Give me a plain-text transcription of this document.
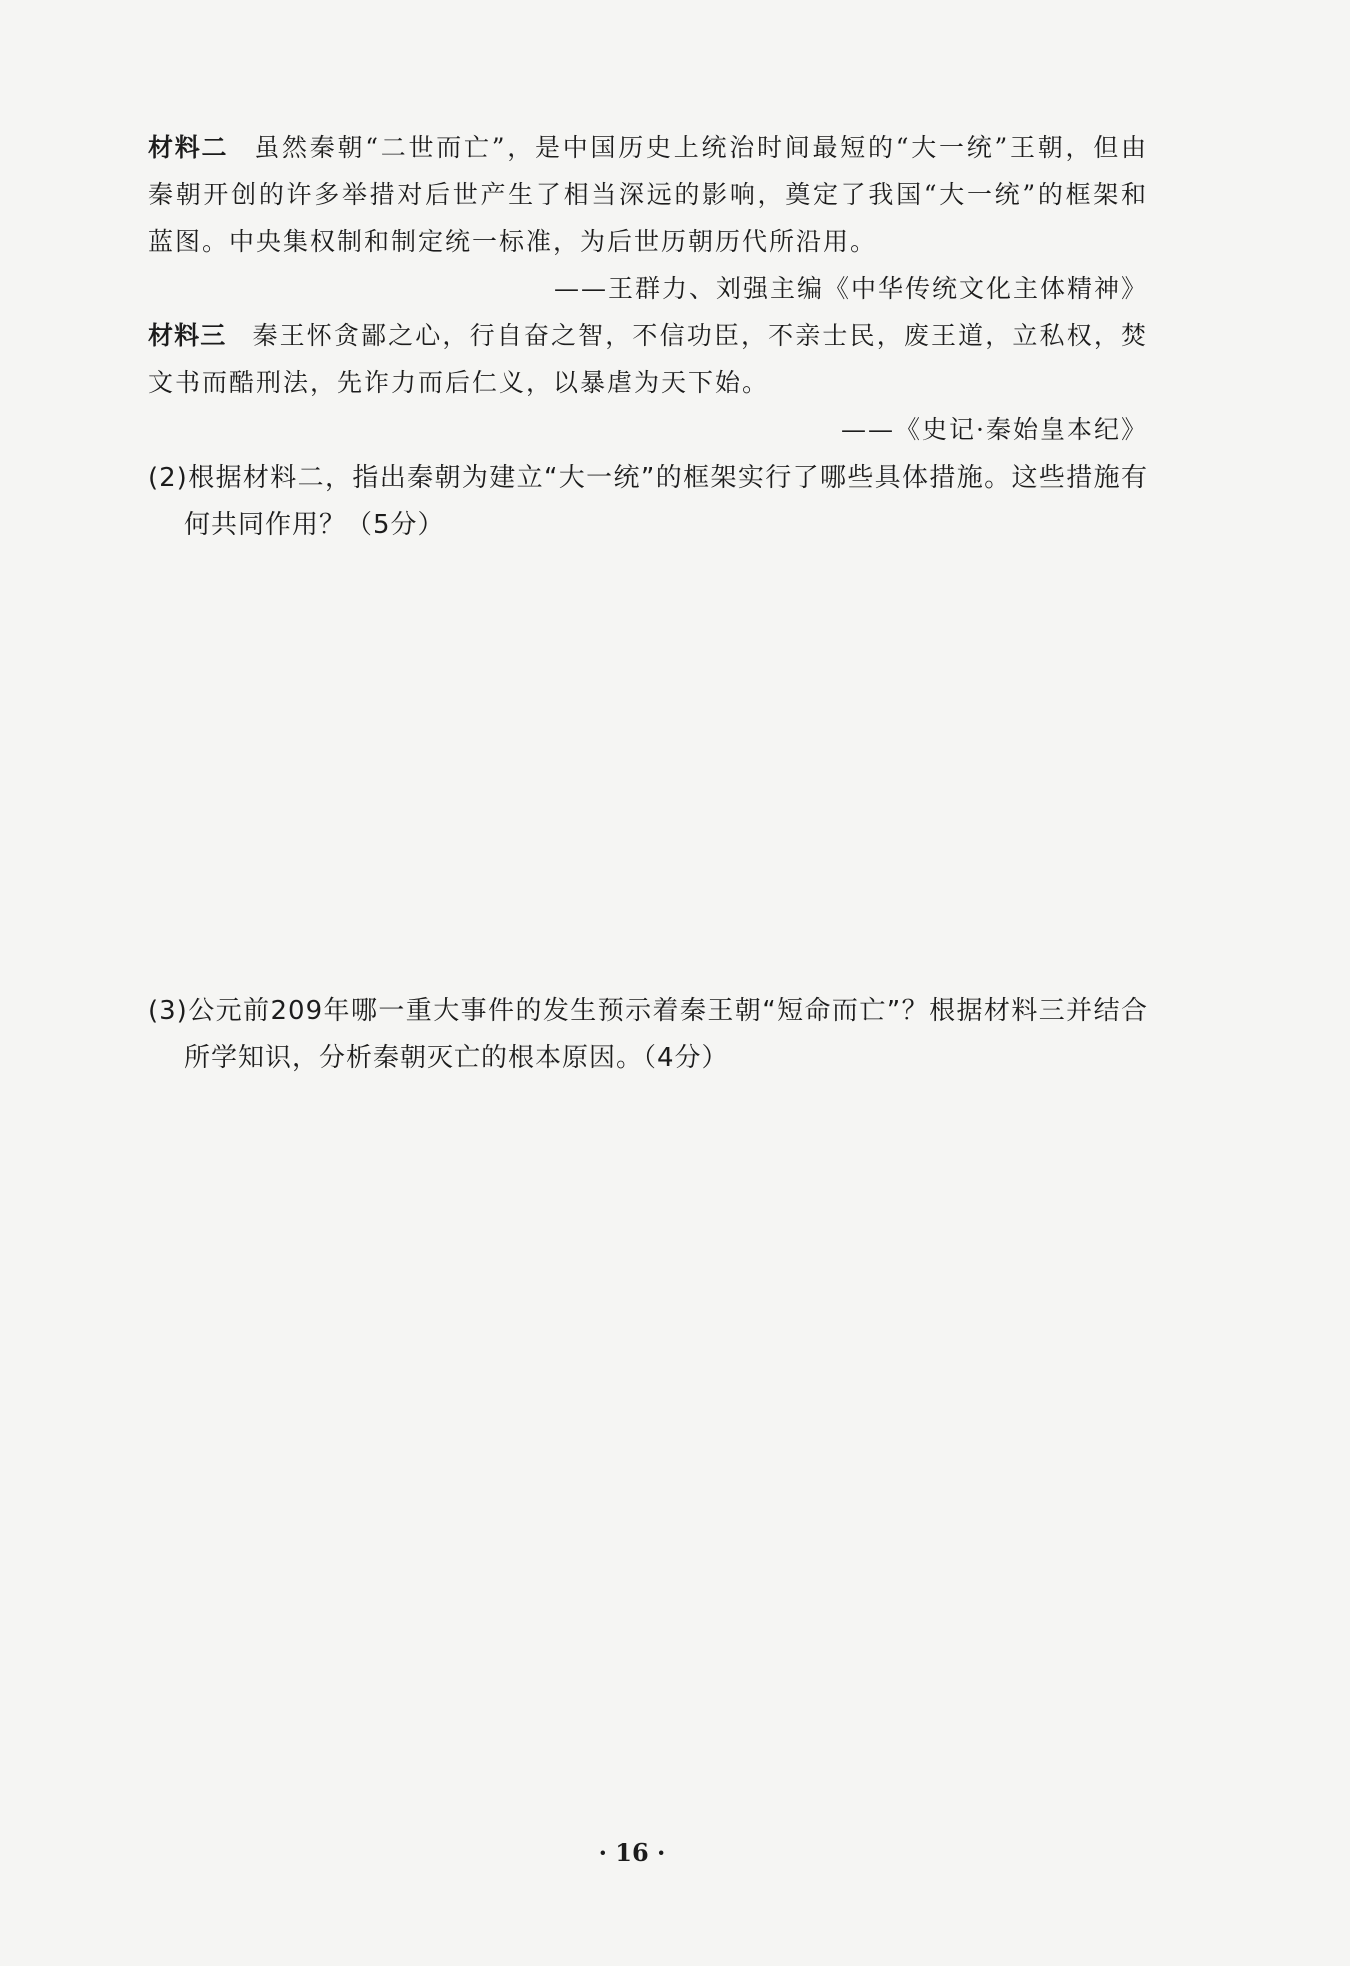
材料二 虽然秦朝“二世而亡”，是中国历史上统治时间最短的“大一统”王朝，但由秦朝开创的许多举措对后世产生了相当深远的影响，奠定了我国“大一统”的框架和蓝图。中央集权制和制定统一标准，为后世历朝历代所沿用。

——王群力、刘强主编《中华传统文化主体精神》

材料三 秦王怀贪鄙之心，行自奋之智，不信功臣，不亲士民，废王道，立私权，焚文书而酷刑法，先诈力而后仁义，以暴虐为天下始。

——《史记·秦始皇本纪》

(2)根据材料二，指出秦朝为建立“大一统”的框架实行了哪些具体措施。这些措施有何共同作用？（5分）

(3)公元前209年哪一重大事件的发生预示着秦王朝“短命而亡”？根据材料三并结合所学知识，分析秦朝灭亡的根本原因。（4分）

· 16 ·
